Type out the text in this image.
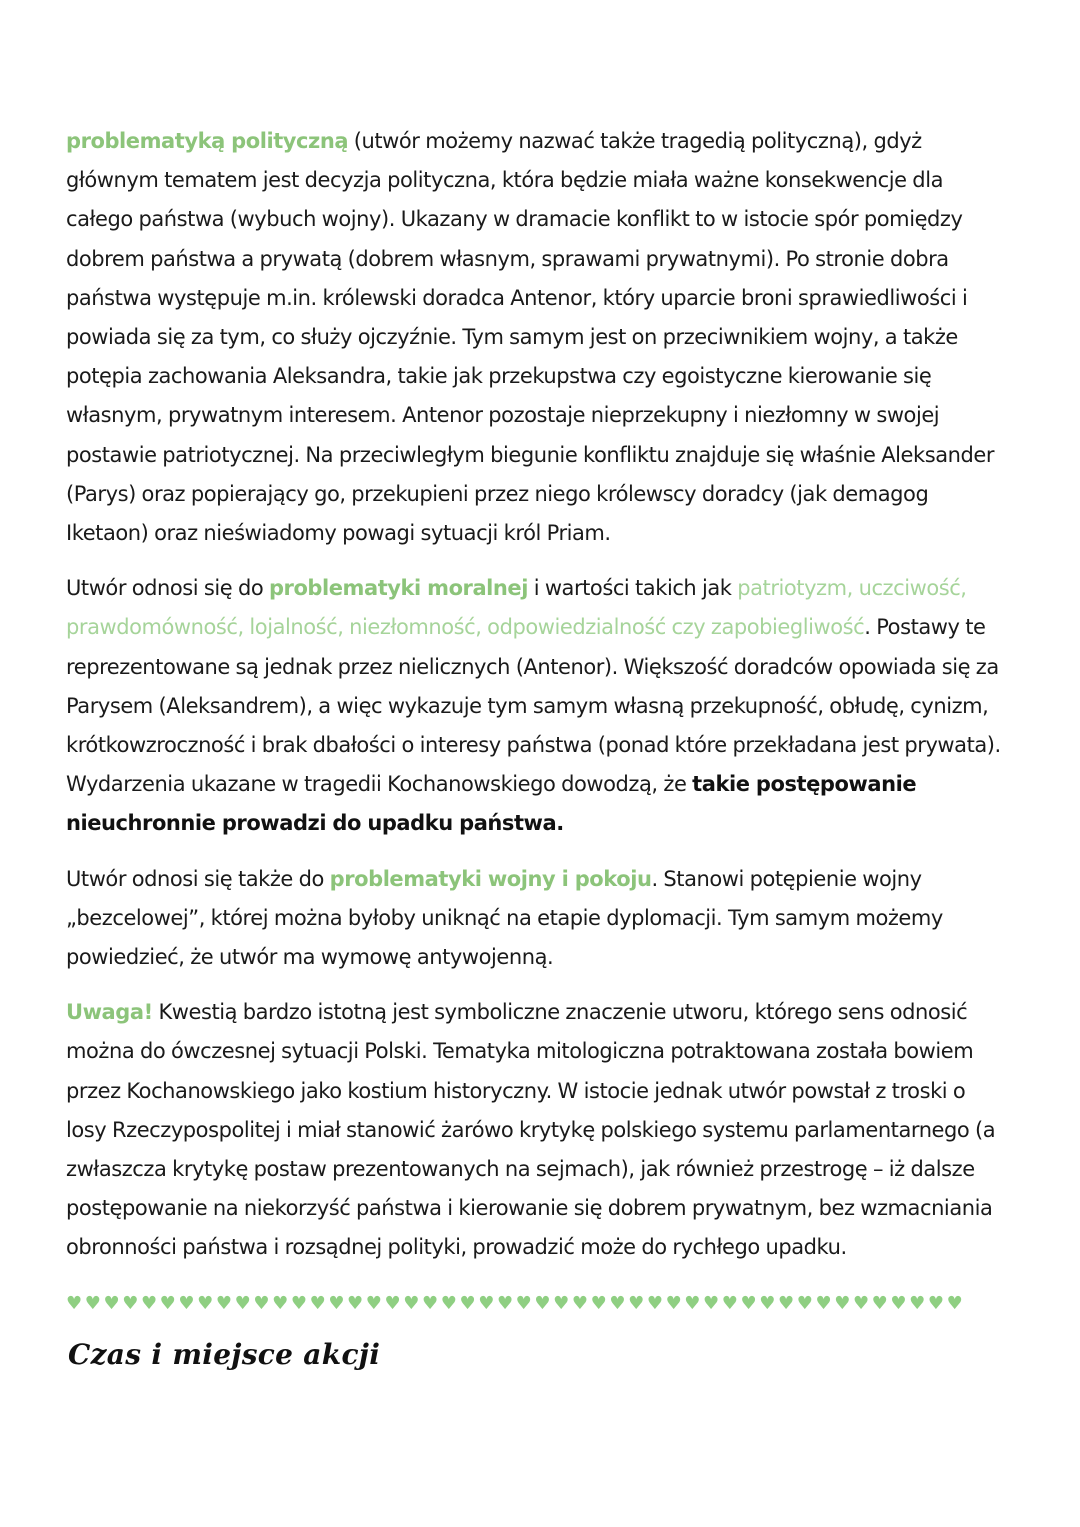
problematyką polityczną (utwór możemy nazwać także tragedią polityczną), gdyż głównym tematem jest decyzja polityczna, która będzie miała ważne konsekwencje dla całego państwa (wybuch wojny). Ukazany w dramacie konflikt to w istocie spór pomiędzy dobrem państwa a prywatą (dobrem własnym, sprawami prywatnymi). Po stronie dobra państwa występuje m.in. królewski doradca Antenor, który uparcie broni sprawiedliwości i powiada się za tym, co służy ojczyźnie. Tym samym jest on przeciwnikiem wojny, a także potępia zachowania Aleksandra, takie jak przekupstwa czy egoistyczne kierowanie się własnym, prywatnym interesem. Antenor pozostaje nieprzekupny i niezłomny w swojej postawie patriotycznej. Na przeciwległym biegunie konfliktu znajduje się właśnie Aleksander (Parys) oraz popierający go, przekupieni przez niego królewscy doradcy (jak demagog Iketaon) oraz nieświadomy powagi sytuacji król Priam.

Utwór odnosi się do problematyki moralnej i wartości takich jak patriotyzm, uczciwość, prawdomówność, lojalność, niezłomność, odpowiedzialność czy zapobiegliwość. Postawy te reprezentowane są jednak przez nielicznych (Antenor). Większość doradców opowiada się za Parysem (Aleksandrem), a więc wykazuje tym samym własną przekupność, obłudę, cynizm, krótkowzroczność i brak dbałości o interesy państwa (ponad które przekładana jest prywata). Wydarzenia ukazane w tragedii Kochanowskiego dowodzą, że takie postępowanie nieuchronnie prowadzi do upadku państwa.

Utwór odnosi się także do problematyki wojny i pokoju. Stanowi potępienie wojny „bezcelowej”, której można byłoby uniknąć na etapie dyplomacji. Tym samym możemy powiedzieć, że utwór ma wymowę antywojenną.

Uwaga! Kwestią bardzo istotną jest symboliczne znaczenie utworu, którego sens odnosić można do ówczesnej sytuacji Polski. Tematyka mitologiczna potraktowana została bowiem przez Kochanowskiego jako kostium historyczny. W istocie jednak utwór powstał z troski o losy Rzeczypospolitej i miał stanowić żarówo krytykę polskiego systemu parlamentarnego (a zwłaszcza krytykę postaw prezentowanych na sejmach), jak również przestrogę – iż dalsze postępowanie na niekorzyść państwa i kierowanie się dobrem prywatnym, bez wzmacniania obronności państwa i rozsądnej polityki, prowadzić może do rychłego upadku.

♥♥♥♥♥♥♥♥♥♥♥♥♥♥♥♥♥♥♥♥♥♥♥♥♥♥♥♥♥♥♥♥♥♥♥♥♥♥♥♥♥♥♥♥♥♥♥♥
Czas i miejsce akcji
